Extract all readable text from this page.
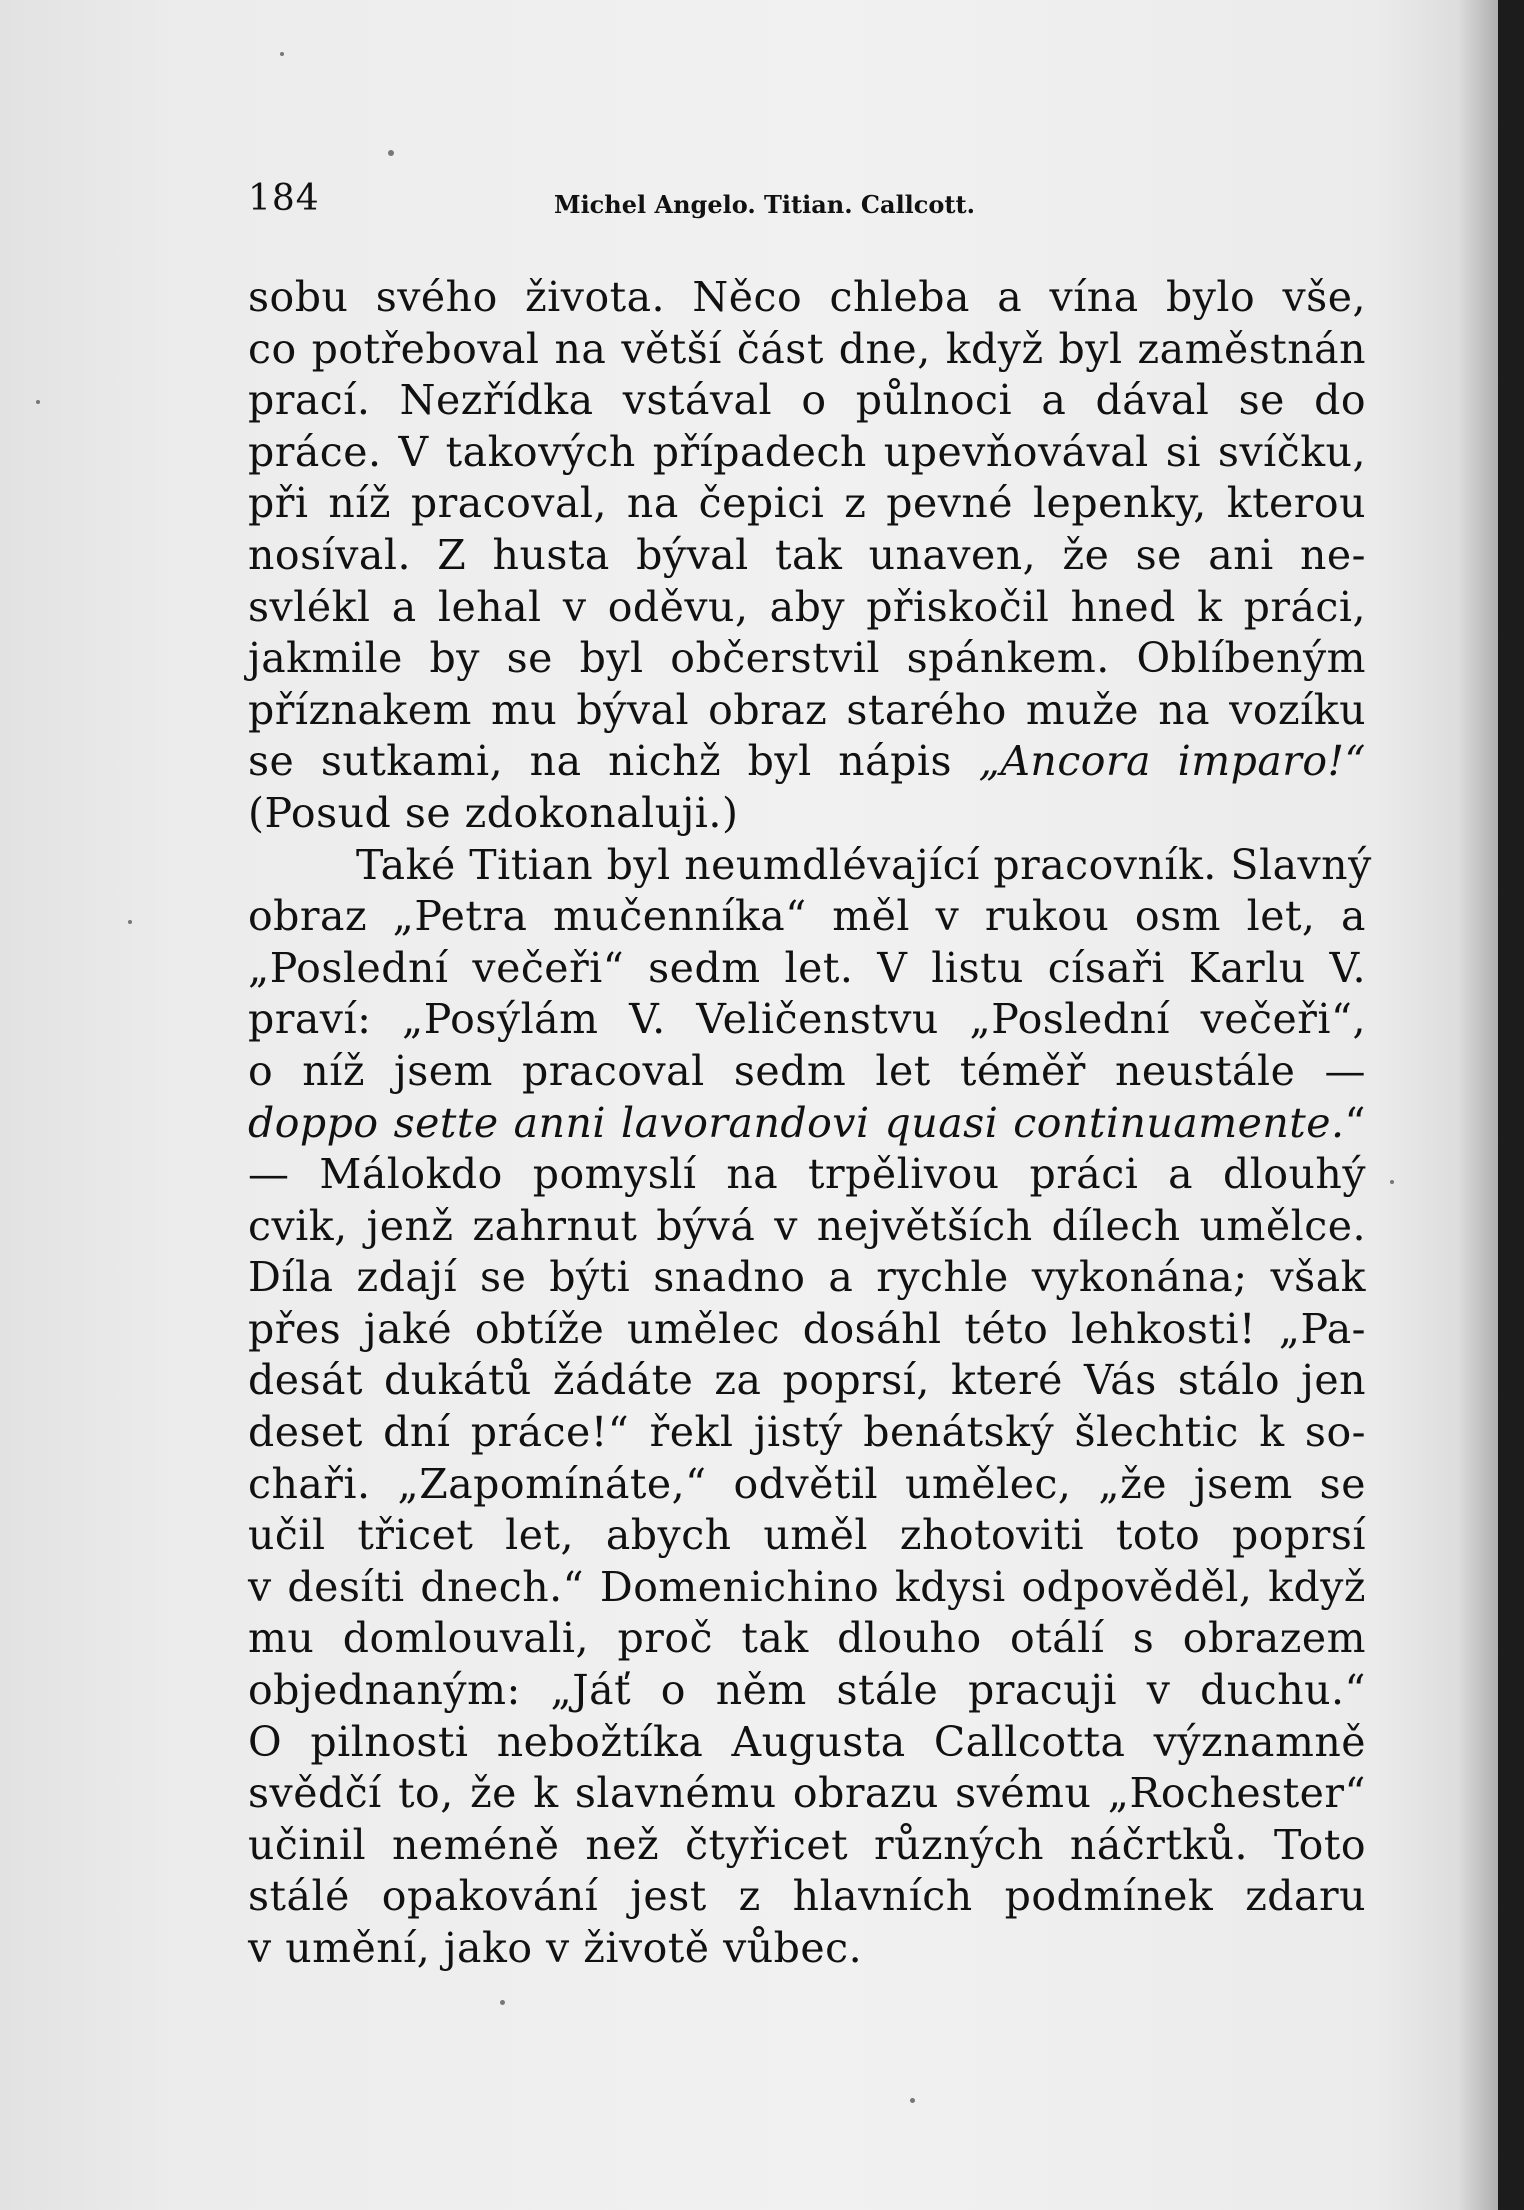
184	Michel Angelo. Titian. Callcott.
sobu svého života. Něco chleba a vína bylo vše,
co potřeboval na větší část dne, když byl zaměstnán
prací. Nezřídka vstával o půlnoci a dával se do
práce. V takových případech upevňovával si svíčku,
při níž pracoval, na čepici z pevné lepenky, kterou
nosíval. Z husta býval tak unaven, že se ani ne-
svlékl a lehal v oděvu, aby přiskočil hned k práci,
jakmile by se byl občerstvil spánkem. Oblíbeným
příznakem mu býval obraz starého muže na vozíku
se sutkami, na nichž byl nápis „Ancora imparo!“
(Posud se zdokonaluji.)
Také Titian byl neumdlévající pracovník. Slavný
obraz „Petra mučenníka“ měl v rukou osm let, a
„Poslední večeři“ sedm let. V listu císaři Karlu V.
praví: „Posýlám V. Veličenstvu „Poslední večeři“,
o níž jsem pracoval sedm let téměř neustále —
doppo sette anni lavorandovi quasi continuamente.“
— Málokdo pomyslí na trpělivou práci a dlouhý
cvik, jenž zahrnut bývá v největších dílech umělce.
Díla zdají se býti snadno a rychle vykonána; však
přes jaké obtíže umělec dosáhl této lehkosti! „Pa-
desát dukátů žádáte za poprsí, které Vás stálo jen
deset dní práce!“ řekl jistý benátský šlechtic k so-
chaři. „Zapomínáte,“ odvětil umělec, „že jsem se
učil třicet let, abych uměl zhotoviti toto poprsí
v desíti dnech.“ Domenichino kdysi odpověděl, když
mu domlouvali, proč tak dlouho otálí s obrazem
objednaným: „Jáť o něm stále pracuji v duchu.“
O pilnosti nebožtíka Augusta Callcotta významně
svědčí to, že k slavnému obrazu svému „Rochester“
učinil neméně než čtyřicet různých náčrtků. Toto
stálé opakování jest z hlavních podmínek zdaru
v umění, jako v životě vůbec.
